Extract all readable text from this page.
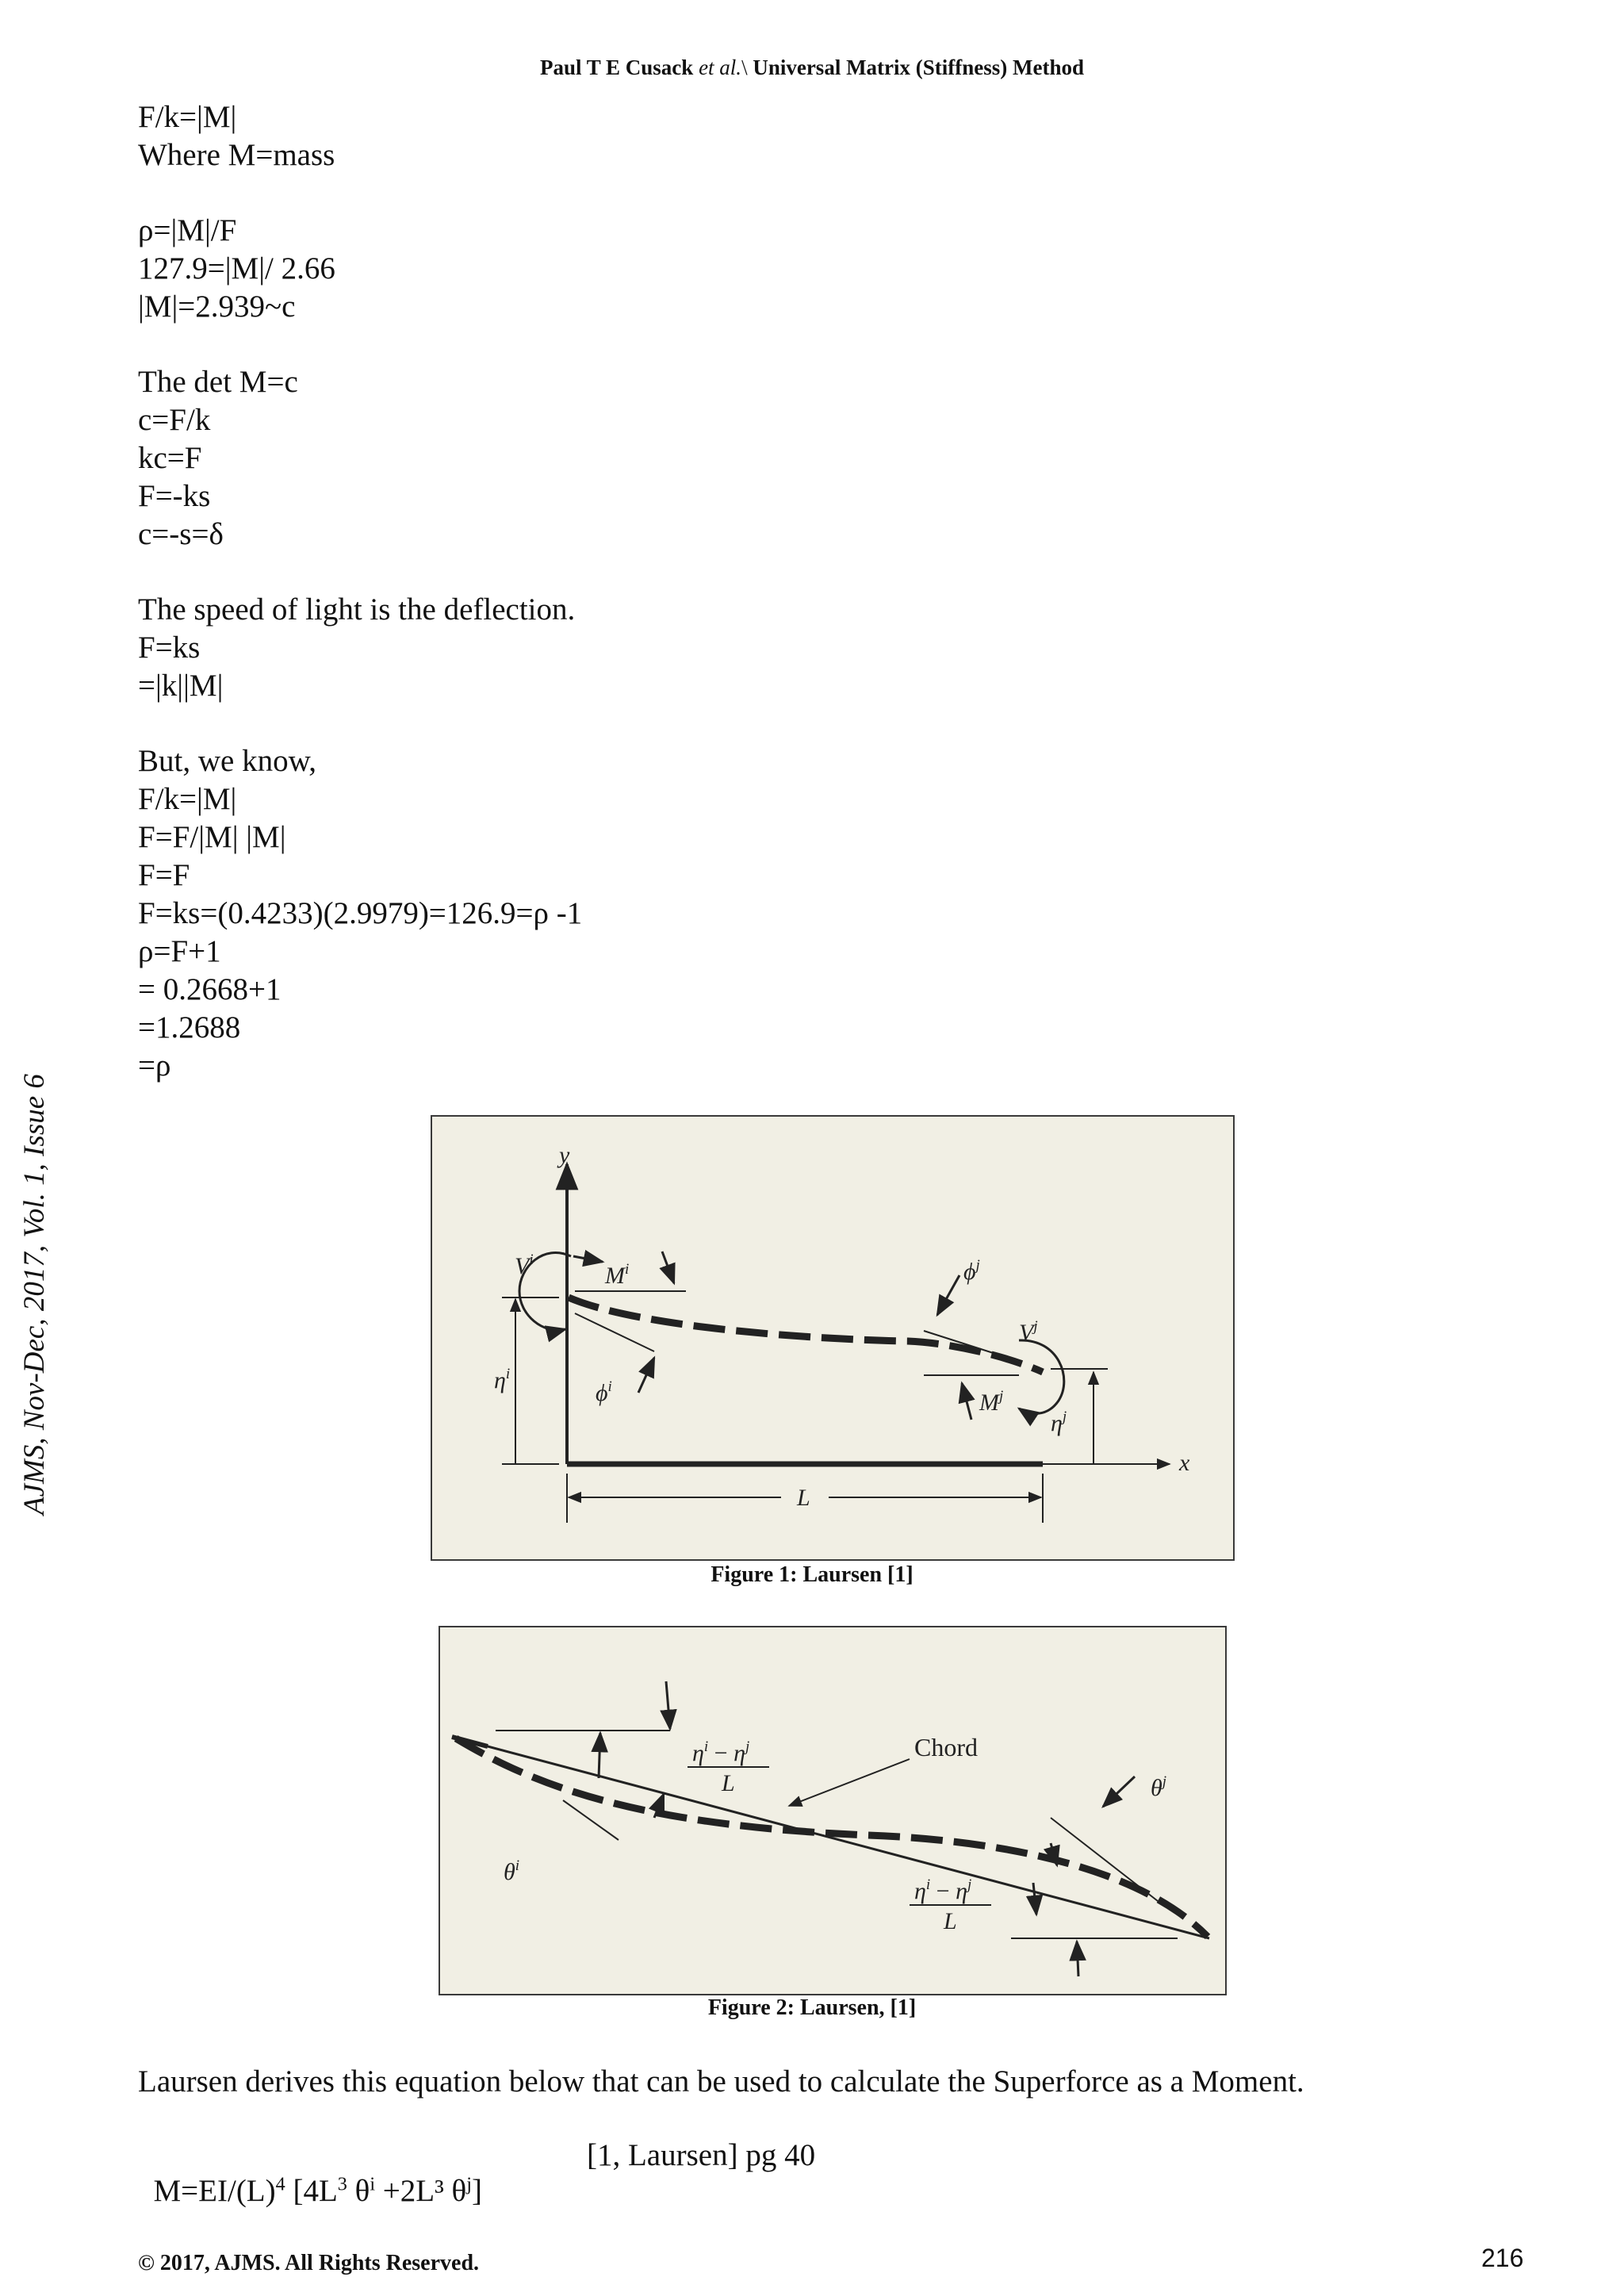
Paul T E Cusack et al.\ Universal Matrix (Stiffness) Method
AJMS, Nov-Dec, 2017, Vol. 1, Issue 6
F/k=|M|
Where M=mass
ρ=|M|/F
127.9=|M|/ 2.66
|M|=2.939~c
The det M=c
c=F/k
kc=F
F=-ks
c=-s=δ
The speed of light is the deflection.
F=ks
=|k||M|
But, we know,
F/k=|M|
F=F/|M| |M|
F=F
F=ks=(0.4233)(2.9979)=126.9=ρ -1
ρ=F+1
= 0.2668+1
=1.2688
=ρ
y
x
$\eta^i$
$V^i$
$M^i$
$\phi^i$
$\phi^j$
$V^j$
$M^j$
$\eta^j$
L
Figure 1: Laursen [1]
$\theta^i$
$\eta^i - \eta^j$
L
Chord
$\theta^j$
$\eta^i - \eta^j$
L
Figure 2: Laursen, [1]
Laursen derives this equation below that can be used to calculate the Superforce as a Moment.

$M=EI/(L)^4$ [$4L^3$ $\theta^i +2L^3$ $\theta^j$]

[1, Laursen] pg 40
© 2017, AJMS. All Rights Reserved.	216
